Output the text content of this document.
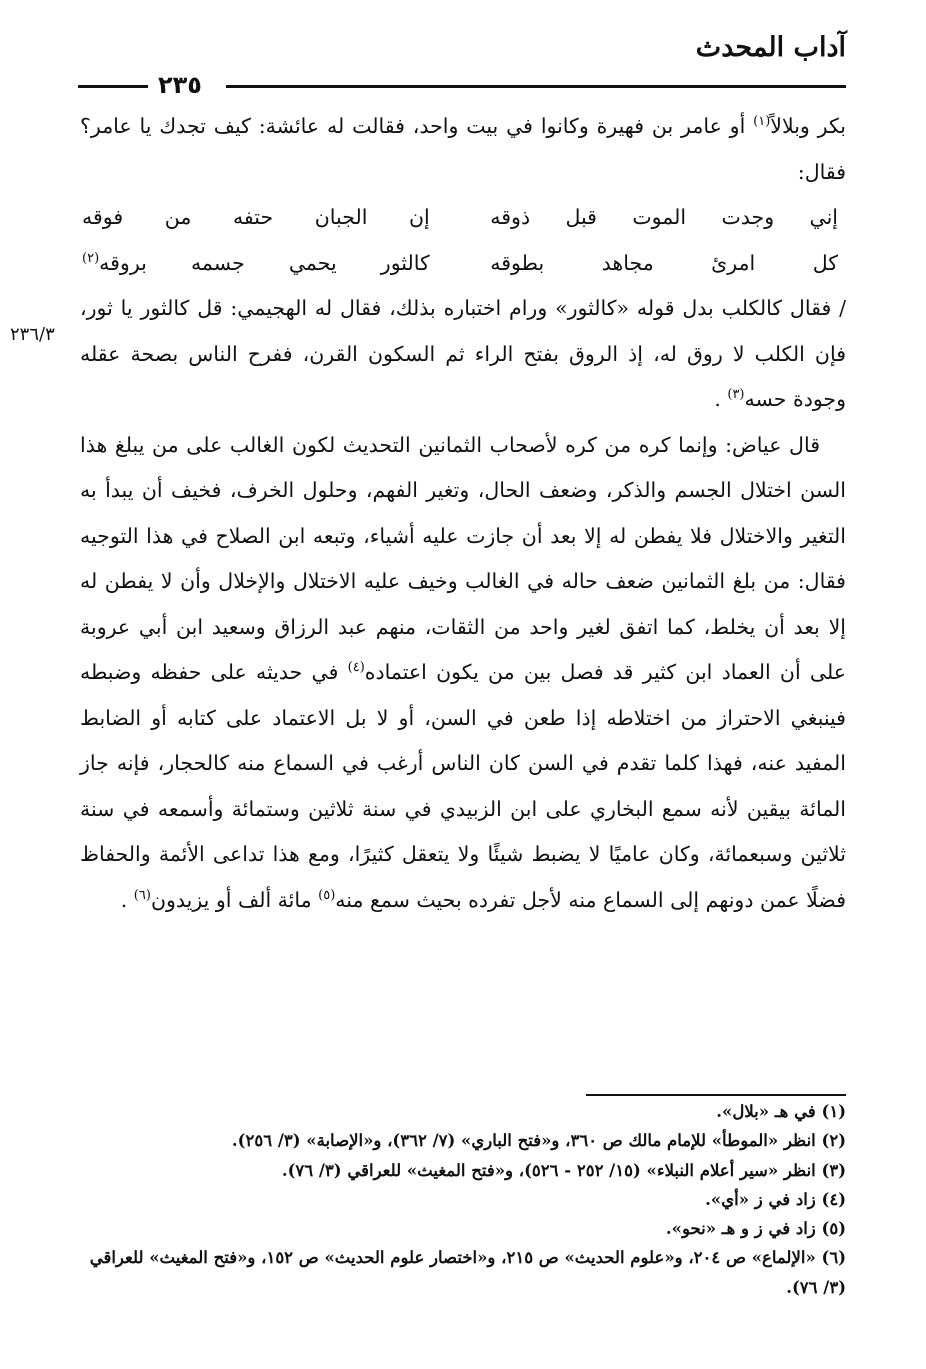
آداب المحدث
٢٣٥
٢٣٦/٣

بكر وبلالاً$^{(١)}$ أو عامر بن فهيرة وكانوا في بيت واحد، فقالت له عائشة: كيف تجدك يا عامر؟ فقال:

إني وجدت الموت قبل ذوقه
إن الجبان حتفه من فوقه
كل امرئ مجاهد بطوقه
كالثور يحمي جسمه بروقه$^{(٢)}$

/ فقال كالكلب بدل قوله «كالثور» ورام اختباره بذلك، فقال له الهجيمي: قل كالثور يا ثور، فإن الكلب لا روق له، إذ الروق بفتح الراء ثم السكون القرن، ففرح الناس بصحة عقله وجودة حسه$^{(٣)}$ .

قال عياض: وإنما كره من كره لأصحاب الثمانين التحديث لكون الغالب على من يبلغ هذا السن اختلال الجسم والذكر، وضعف الحال، وتغير الفهم، وحلول الخرف، فخيف أن يبدأ به التغير والاختلال فلا يفطن له إلا بعد أن جازت عليه أشياء، وتبعه ابن الصلاح في هذا التوجيه فقال: من بلغ الثمانين ضعف حاله في الغالب وخيف عليه الاختلال والإخلال وأن لا يفطن له إلا بعد أن يخلط، كما اتفق لغير واحد من الثقات، منهم عبد الرزاق وسعيد ابن أبي عروبة على أن العماد ابن كثير قد فصل بين من يكون اعتماده$^{(٤)}$ في حديثه على حفظه وضبطه فينبغي الاحتراز من اختلاطه إذا طعن في السن، أو لا بل الاعتماد على كتابه أو الضابط المفيد عنه، فهذا كلما تقدم في السن كان الناس أرغب في السماع منه كالحجار، فإنه جاز المائة بيقين لأنه سمع البخاري على ابن الزبيدي في سنة ثلاثين وستمائة وأسمعه في سنة ثلاثين وسبعمائة، وكان عاميًا لا يضبط شيئًا ولا يتعقل كثيرًا، ومع هذا تداعى الأئمة والحفاظ فضلًا عمن دونهم إلى السماع منه لأجل تفرده بحيث سمع منه$^{(٥)}$ مائة ألف أو يزيدون$^{(٦)}$ .

(١) في هـ «بلال».

(٢) انظر «الموطأ» للإمام مالك ص ٣٦٠، و«فتح الباري» (٧/ ٣٦٢)، و«الإصابة» (٣/ ٢٥٦).

(٣) انظر «سير أعلام النبلاء» (١٥/ ٢٥٢ - ٥٢٦)، و«فتح المغيث» للعراقي (٣/ ٧٦).

(٤) زاد في ز «أي».

(٥) زاد في ز و هـ «نحو».

(٦) «الإلماع» ص ٢٠٤، و«علوم الحديث» ص ٢١٥، و«اختصار علوم الحديث» ص ١٥٢، و«فتح المغيث» للعراقي (٣/ ٧٦).
